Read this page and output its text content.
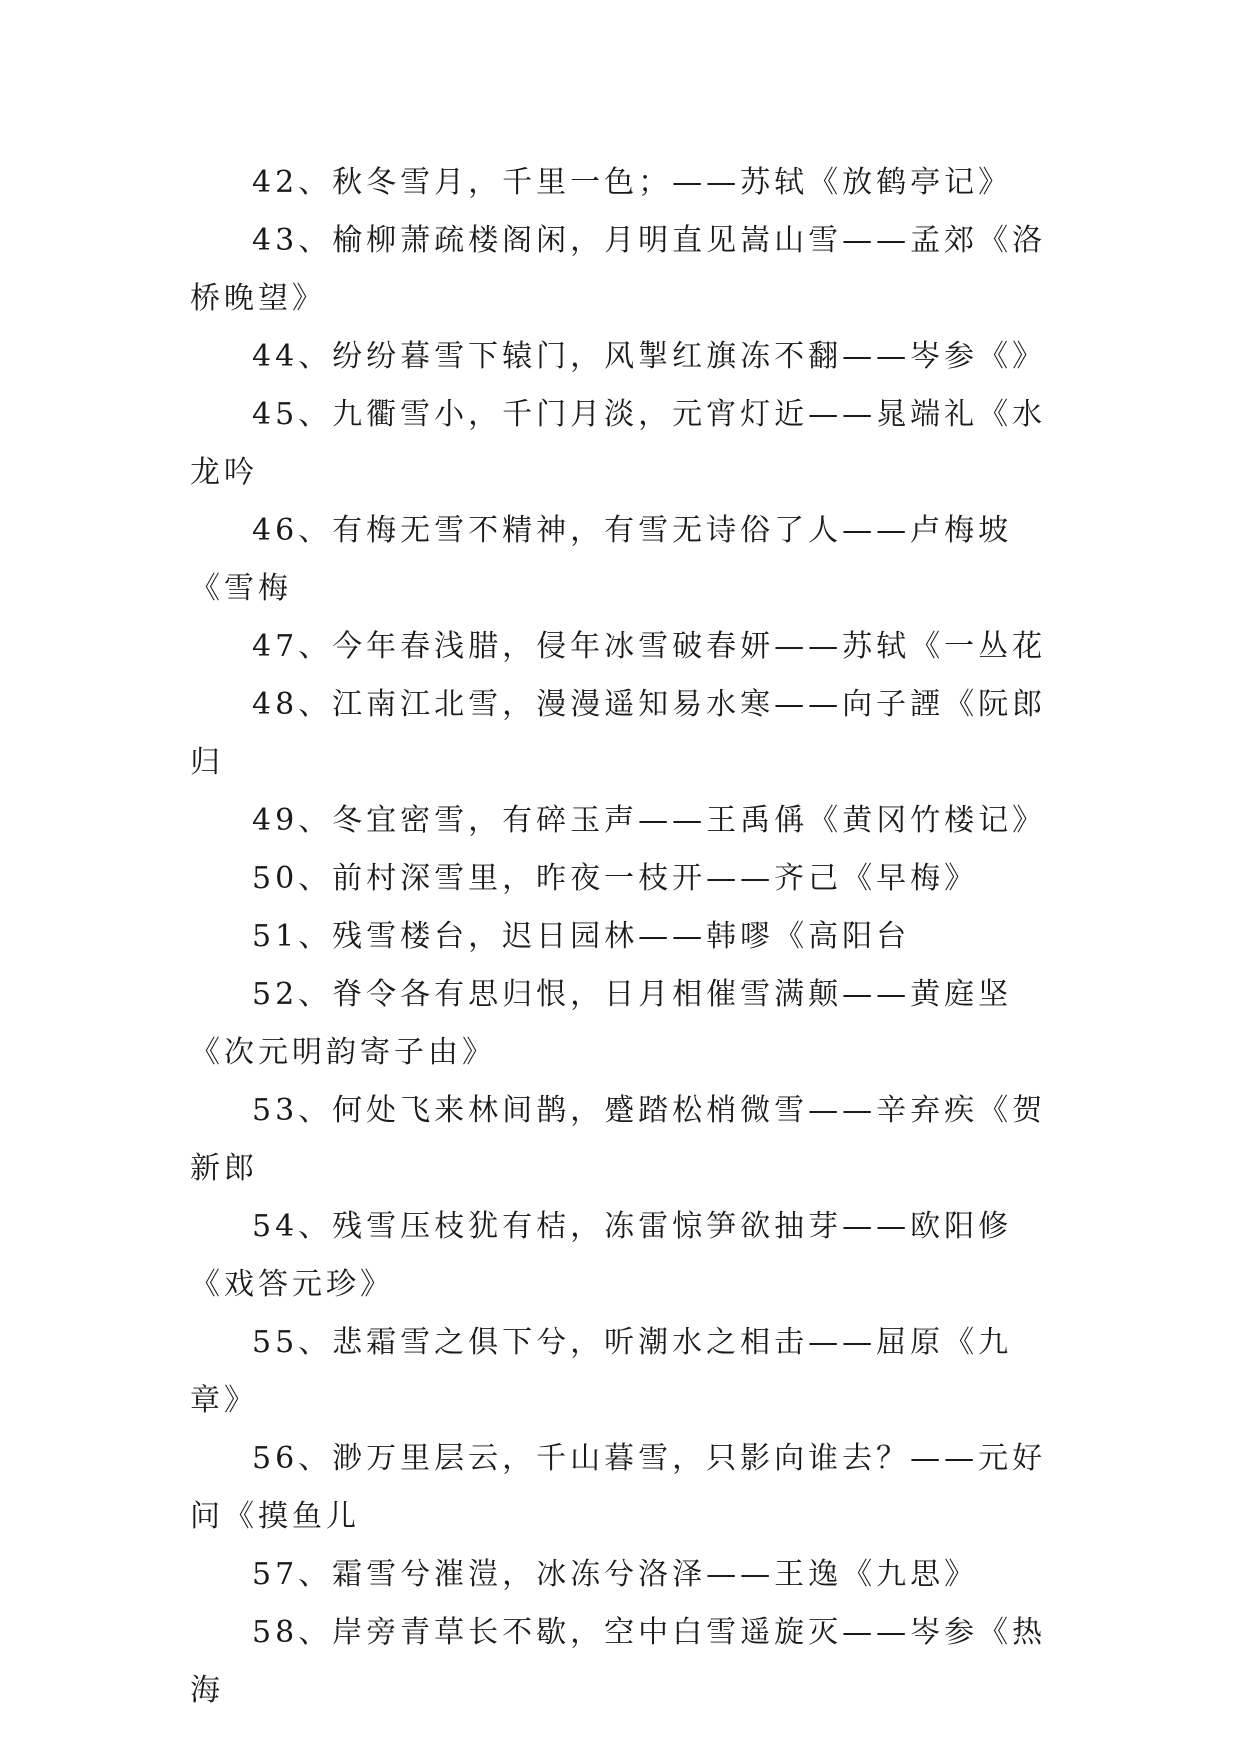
42、秋冬雪月，千里一色；——苏轼《放鹤亭记》

43、榆柳萧疏楼阁闲，月明直见嵩山雪——孟郊《洛桥晚望》

44、纷纷暮雪下辕门，风掣红旗冻不翻——岑参《》

45、九衢雪小，千门月淡，元宵灯近——晁端礼《水龙吟

46、有梅无雪不精神，有雪无诗俗了人——卢梅坡《雪梅

47、今年春浅腊，侵年冰雪破春妍——苏轼《一丛花

48、江南江北雪，漫漫遥知易水寒——向子諲《阮郎归

49、冬宜密雪，有碎玉声——王禹偁《黄冈竹楼记》

50、前村深雪里，昨夜一枝开——齐己《早梅》

51、残雪楼台，迟日园林——韩嘐《高阳台

52、脊令各有思归恨，日月相催雪满颠——黄庭坚《次元明韵寄子由》

53、何处飞来林间鹊，蹙踏松梢微雪——辛弃疾《贺新郎

54、残雪压枝犹有桔，冻雷惊笋欲抽芽——欧阳修《戏答元珍》

55、悲霜雪之俱下兮，听潮水之相击——屈原《九章》

56、渺万里层云，千山暮雪，只影向谁去？——元好问《摸鱼儿

57、霜雪兮漼溰，冰冻兮洛泽——王逸《九思》

58、岸旁青草长不歇，空中白雪遥旋灭——岑参《热海
